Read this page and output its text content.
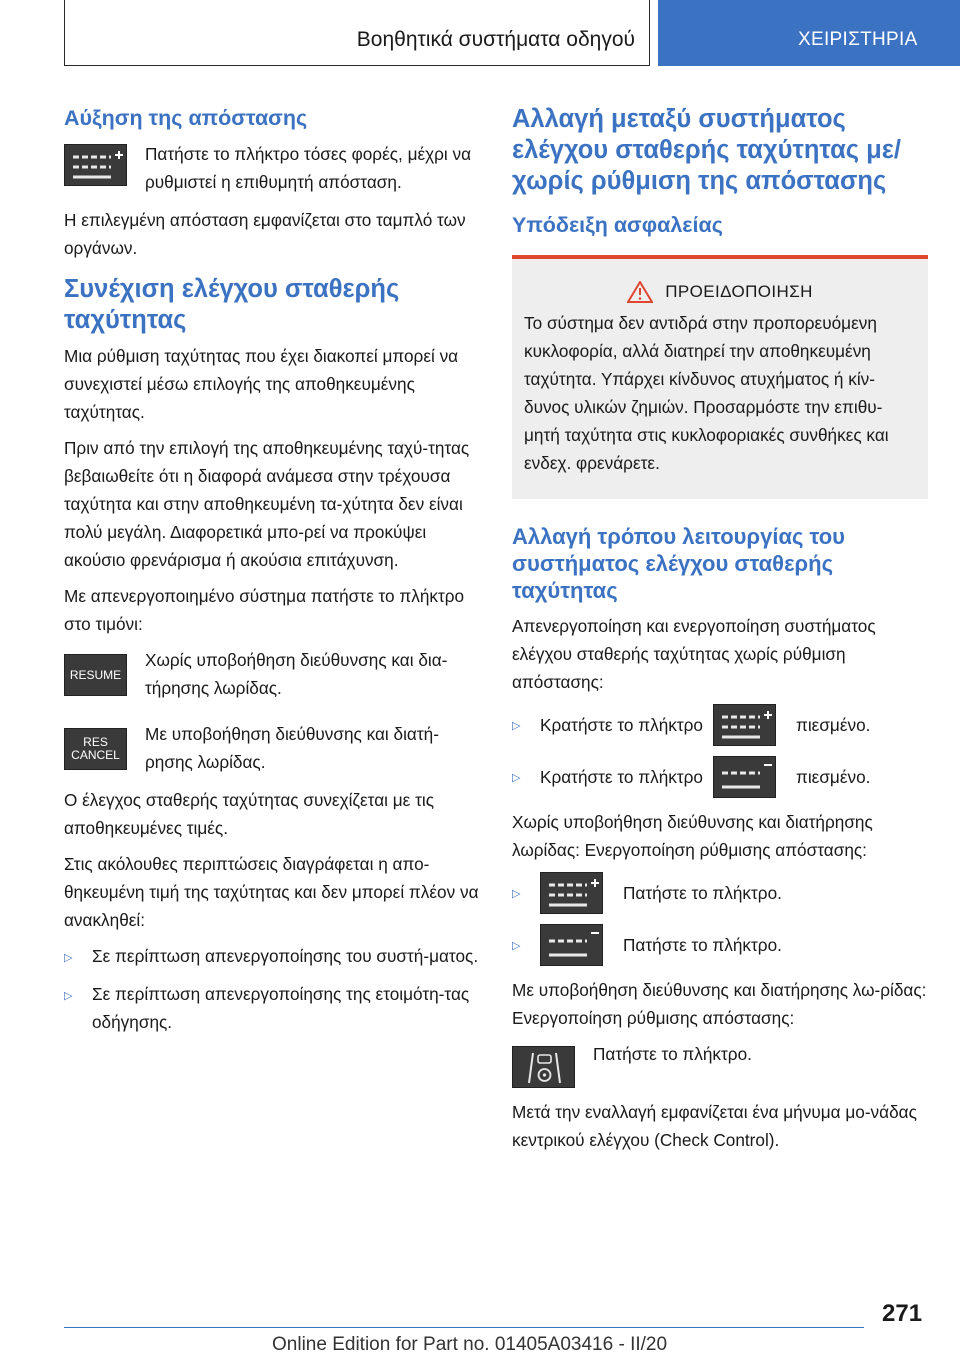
Βοηθητικά συστήματα οδηγού	ΧΕΙΡΙΣΤΗΡΙΑ
Αύξηση της απόστασης
Πατήστε το πλήκτρο τόσες φορές, μέχρι να ρυθμιστεί η επιθυμητή απόσταση.

Η επιλεγμένη απόσταση εμφανίζεται στο ταμπλό των οργάνων.

Συνέχιση ελέγχου σταθερής ταχύτητας

Μια ρύθμιση ταχύτητας που έχει διακοπεί μπορεί να συνεχιστεί μέσω επιλογής της αποθηκευμένης ταχύτητας.

Πριν από την επιλογή της αποθηκευμένης ταχύ‐τητας βεβαιωθείτε ότι η διαφορά ανάμεσα στην τρέχουσα ταχύτητα και στην αποθηκευμένη τα‐χύτητα δεν είναι πολύ μεγάλη. Διαφορετικά μπο‐ρεί να προκύψει ακούσιο φρενάρισμα ή ακούσια επιτάχυνση.

Με απενεργοποιημένο σύστημα πατήστε το πλήκτρο στο τιμόνι:

RESUME
Χωρίς υποβοήθηση διεύθυνσης και δια‐τήρησης λωρίδας.
RES
CANCEL
Με υποβοήθηση διεύθυνσης και διατή‐ρησης λωρίδας.

Ο έλεγχος σταθερής ταχύτητας συνεχίζεται με τις αποθηκευμένες τιμές.

Στις ακόλουθες περιπτώσεις διαγράφεται η απο‐θηκευμένη τιμή της ταχύτητας και δεν μπορεί πλέον να ανακληθεί:

▷	Σε περίπτωση απενεργοποίησης του συστή‐ματος.
▷	Σε περίπτωση απενεργοποίησης της ετοιμότη‐τας οδήγησης.
Αλλαγή μεταξύ συστήματος ελέγχου σταθερής ταχύτητας με/χωρίς ρύθμιση της απόστασης
Υπόδειξη ασφαλείας
ΠΡΟΕΙΔΟΠΟΙΗΣΗ

Το σύστημα δεν αντιδρά στην προπορευόμενη κυκλοφορία, αλλά διατηρεί την αποθηκευμένη ταχύτητα. Υπάρχει κίνδυνος ατυχήματος ή κίν‐δυνος υλικών ζημιών. Προσαρμόστε την επιθυ‐μητή ταχύτητα στις κυκλοφοριακές συνθήκες και ενδεχ. φρενάρετε.

Αλλαγή τρόπου λειτουργίας του συστήματος ελέγχου σταθερής ταχύτητας

Απενεργοποίηση και ενεργοποίηση συστήματος ελέγχου σταθερής ταχύτητας χωρίς ρύθμιση απόστασης:

▷	Κρατήστε το πλήκτρο	πιεσμένο.
▷	Κρατήστε το πλήκτρο	πιεσμένο.

Χωρίς υποβοήθηση διεύθυνσης και διατήρησης λωρίδας: Ενεργοποίηση ρύθμισης απόστασης:

▷	Πατήστε το πλήκτρο.
▷	Πατήστε το πλήκτρο.

Με υποβοήθηση διεύθυνσης και διατήρησης λω‐ρίδας: Ενεργοποίηση ρύθμισης απόστασης:

Πατήστε το πλήκτρο.

Μετά την εναλλαγή εμφανίζεται ένα μήνυμα μο‐νάδας κεντρικού ελέγχου (Check Control).

271
Online Edition for Part no. 01405A03416 - II/20
